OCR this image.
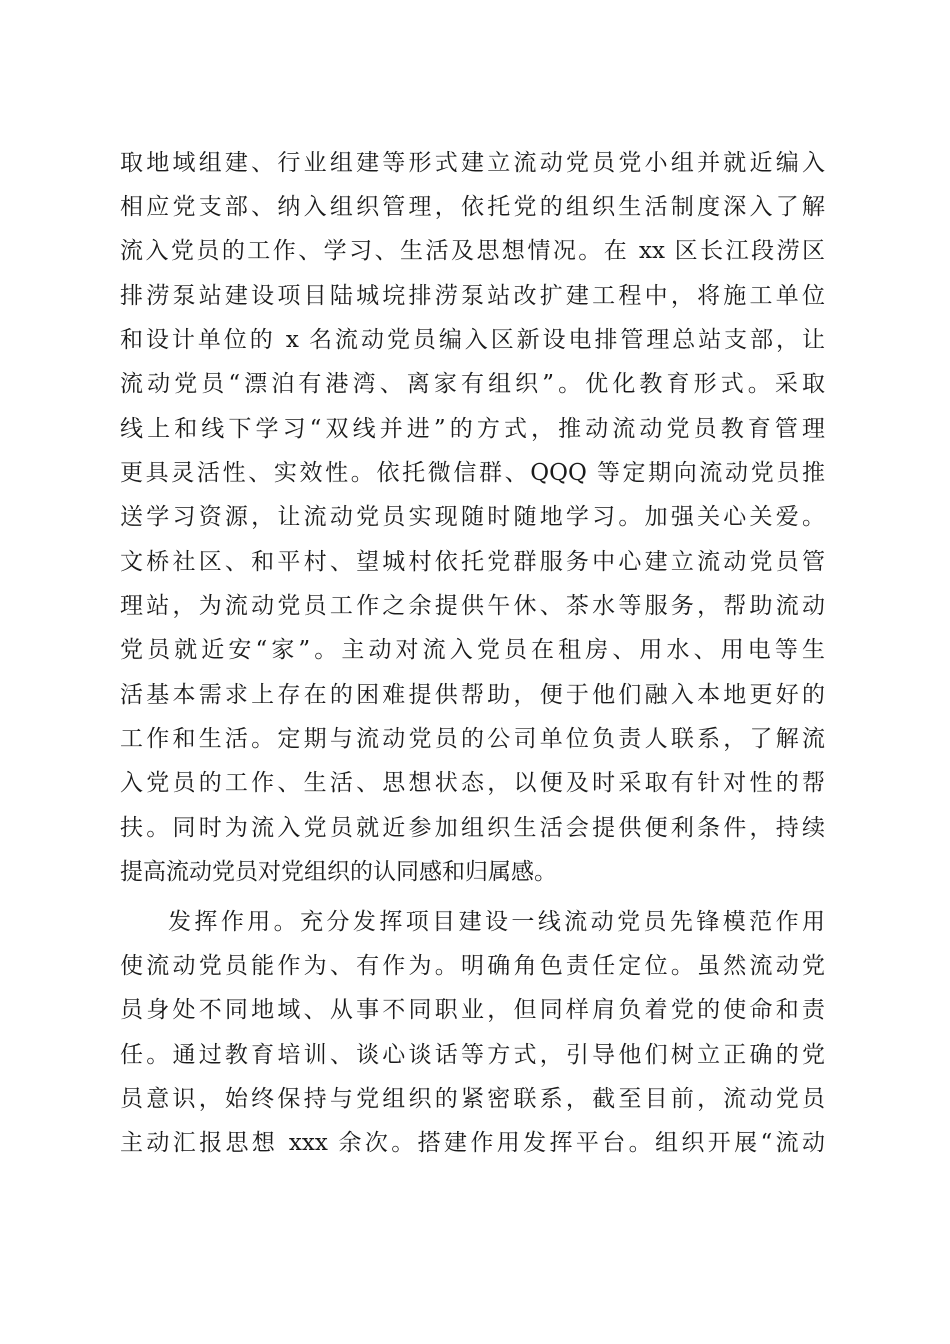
取地域组建、行业组建等形式建立流动党员党小组并就近编入
相应党支部、纳入组织管理，依托党的组织生活制度深入了解
流入党员的工作、学习、生活及思想情况。在 xx 区长江段涝区
排涝泵站建设项目陆城垸排涝泵站改扩建工程中，将施工单位
和设计单位的 x 名流动党员编入区新设电排管理总站支部，让
流动党员“漂泊有港湾、离家有组织”。优化教育形式。采取
线上和线下学习“双线并进”的方式，推动流动党员教育管理
更具灵活性、实效性。依托微信群、QQQ 等定期向流动党员推
送学习资源，让流动党员实现随时随地学习。加强关心关爱。
文桥社区、和平村、望城村依托党群服务中心建立流动党员管
理站，为流动党员工作之余提供午休、茶水等服务，帮助流动
党员就近安“家”。主动对流入党员在租房、用水、用电等生
活基本需求上存在的困难提供帮助，便于他们融入本地更好的
工作和生活。定期与流动党员的公司单位负责人联系，了解流
入党员的工作、生活、思想状态，以便及时采取有针对性的帮
扶。同时为流入党员就近参加组织生活会提供便利条件，持续
提高流动党员对党组织的认同感和归属感。
发挥作用。充分发挥项目建设一线流动党员先锋模范作用
使流动党员能作为、有作为。明确角色责任定位。虽然流动党
员身处不同地域、从事不同职业，但同样肩负着党的使命和责
任。通过教育培训、谈心谈话等方式，引导他们树立正确的党
员意识，始终保持与党组织的紧密联系，截至目前，流动党员
主动汇报思想 xxx 余次。搭建作用发挥平台。组织开展“流动
